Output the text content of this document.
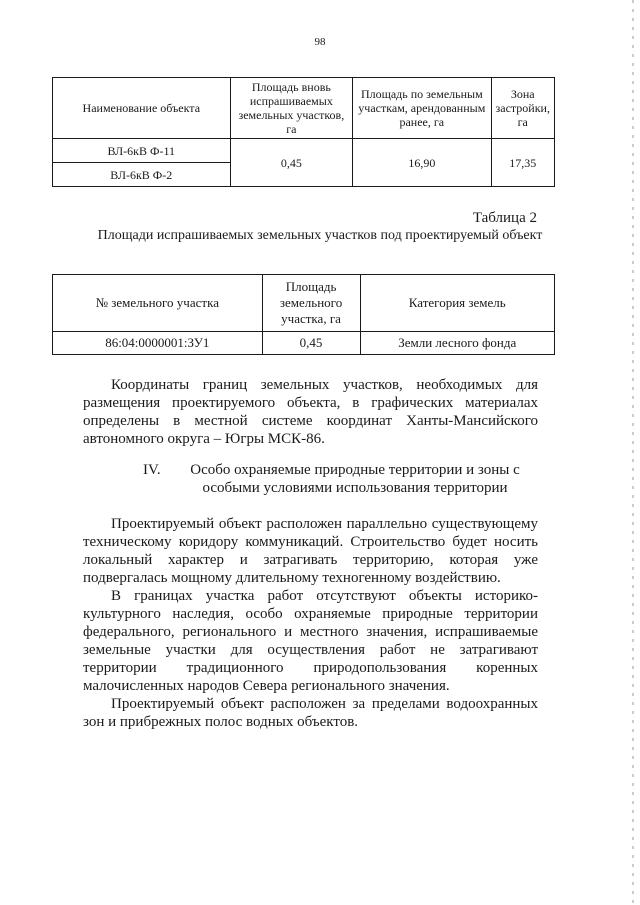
98
Наименование объекта	Площадь вновь испрашиваемых земельных участков, га	Площадь по земельным участкам, арендованным ранее, га	Зона застройки, га
ВЛ-6кВ Ф-11	0,45	16,90	17,35
ВЛ-6кВ Ф-2			
Таблица 2
Площади испрашиваемых земельных участков под проектируемый объект
№ земельного участка	Площадь земельного участка, га	Категория земель
86:04:0000001:ЗУ1	0,45	Земли лесного фонда

Координаты границ земельных участков, необходимых для размещения проектируемого объекта, в графических материалах определены в местной системе координат Ханты-Мансийского автономного округа – Югры МСК-86.

IV.	Особо охраняемые природные территории и зоны с особыми условиями использования территории

Проектируемый объект расположен параллельно существующему техническому коридору коммуникаций. Строительство будет носить локальный характер и затрагивать территорию, которая уже подвергалась мощному длительному техногенному воздействию.

В границах участка работ отсутствуют объекты историко-культурного наследия, особо охраняемые природные территории федерального, регионального и местного значения, испрашиваемые земельные участки для осуществления работ не затрагивают территории традиционного природопользования коренных малочисленных народов Севера регионального значения.

Проектируемый объект расположен за пределами водоохранных зон и прибрежных полос водных объектов.
